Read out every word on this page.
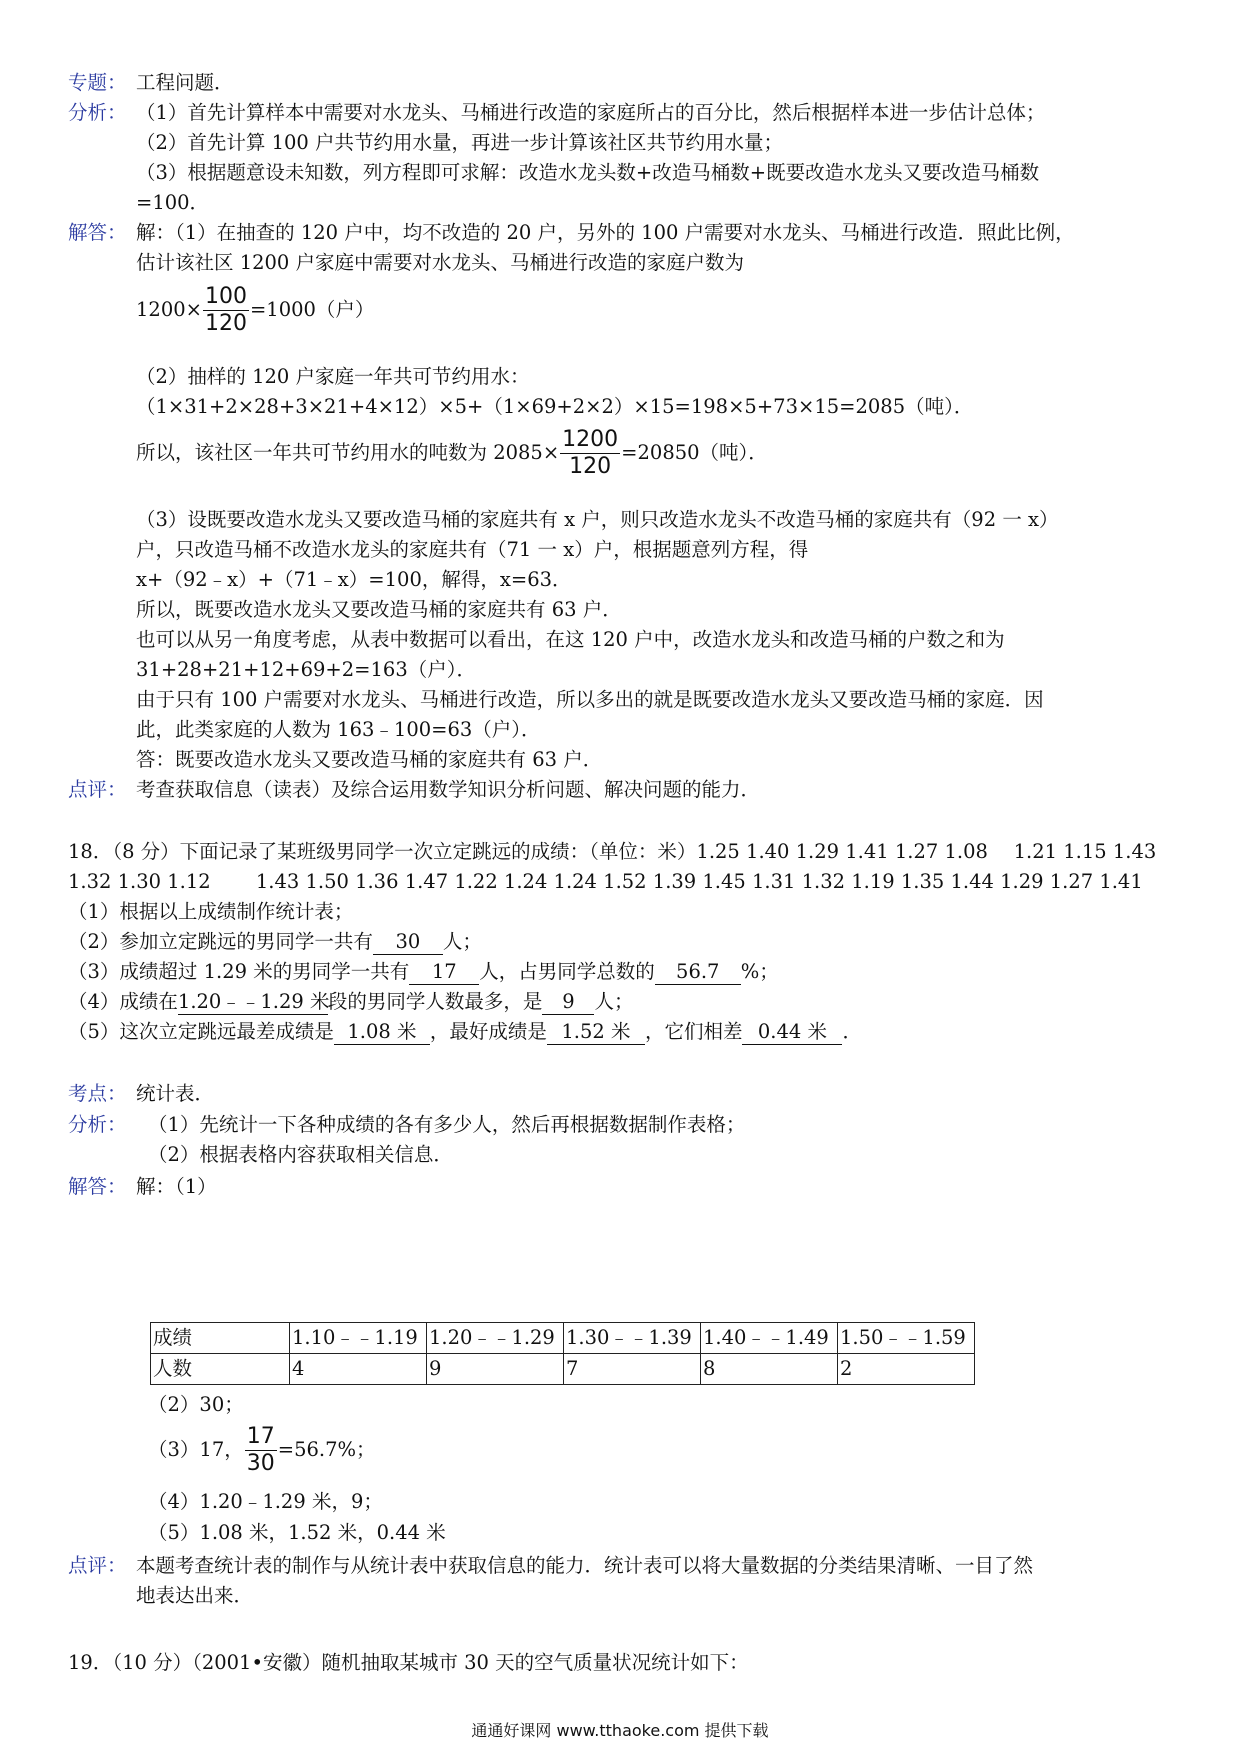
专题： 工程问题．
分析： （1）首先计算样本中需要对水龙头、马桶进行改造的家庭所占的百分比，然后根据样本进一步估计总体；
（2）首先计算 100 户共节约用水量，再进一步计算该社区共节约用水量；
（3）根据题意设未知数，列方程即可求解：改造水龙头数+改造马桶数+既要改造水龙头又要改造马桶数
=100．
解答： 解：（1）在抽查的 120 户中，均不改造的 20 户，另外的 100 户需要对水龙头、马桶进行改造．照此比例，
估计该社区 1200 户家庭中需要对水龙头、马桶进行改造的家庭户数为
$1200\times \frac{100}{120} =1000$（户）
（2）抽样的 120 户家庭一年共可节约用水：
（1×31+2×28+3×21+4×12）×5+（1×69+2×2）×15=198×5+73×15=2085（吨）．
所以，该社区一年共可节约用水的吨数为 $2085\times \frac{1200}{120} =20850$（吨）．
（3）设既要改造水龙头又要改造马桶的家庭共有 x 户，则只改造水龙头不改造马桶的家庭共有（92 一 x）
户，只改造马桶不改造水龙头的家庭共有（71 一 x）户，根据题意列方程，得
x+（92﹣x）+（71﹣x）=100，解得，x=63．
所以，既要改造水龙头又要改造马桶的家庭共有 63 户．
也可以从另一角度考虑，从表中数据可以看出，在这 120 户中，改造水龙头和改造马桶的户数之和为
31+28+21+12+69+2=163（户）．
由于只有 100 户需要对水龙头、马桶进行改造，所以多出的就是既要改造水龙头又要改造马桶的家庭．因
此，此类家庭的人数为 163﹣100=63（户）．
答：既要改造水龙头又要改造马桶的家庭共有 63 户．
点评： 考查获取信息（读表）及综合运用数学知识分析问题、解决问题的能力．
18．（8 分）下面记录了某班级男同学一次立定跳远的成绩：（单位：米）1.25 1.40 1.29 1.41 1.27 1.08　 1.21 1.15 1.43
1.32 1.30 1.12　 　1.43 1.50 1.36 1.47 1.22 1.24 1.24 1.52 1.39 1.45 1.31 1.32 1.19 1.35 1.44 1.29 1.27 1.41
（1）根据以上成绩制作统计表；
（2）参加立定跳远的男同学一共有 30 人；
（3）成绩超过 1.29 米的男同学一共有 17 人，占男同学总数的 56.7 %；
（4）成绩在1.20﹣﹣1.29 米段的男同学人数最多，是 9 人；
（5）这次立定跳远最差成绩是 1.08 米 ，最好成绩是 1.52 米 ，它们相差 0.44 米 ．
考点： 统计表．
分析： （1）先统计一下各种成绩的各有多少人，然后再根据数据制作表格；
（2）根据表格内容获取相关信息．
解答： 解：（1）
成绩	1.10﹣﹣1.19	1.20﹣﹣1.29	1.30﹣﹣1.39	1.40﹣﹣1.49	1.50﹣﹣1.59
人数	4	9	7	8	2
（2）30；
（3）17， $\frac{17}{30} =56.7\%$；
（4）1.20﹣1.29 米，9；
（5）1.08 米，1.52 米，0.44 米
点评： 本题考查统计表的制作与从统计表中获取信息的能力．统计表可以将大量数据的分类结果清晰、一目了然
地表达出来．
19．（10 分）（2001•安徽）随机抽取某城市 30 天的空气质量状况统计如下：
通通好课网 www.tthaoke.com 提供下载
